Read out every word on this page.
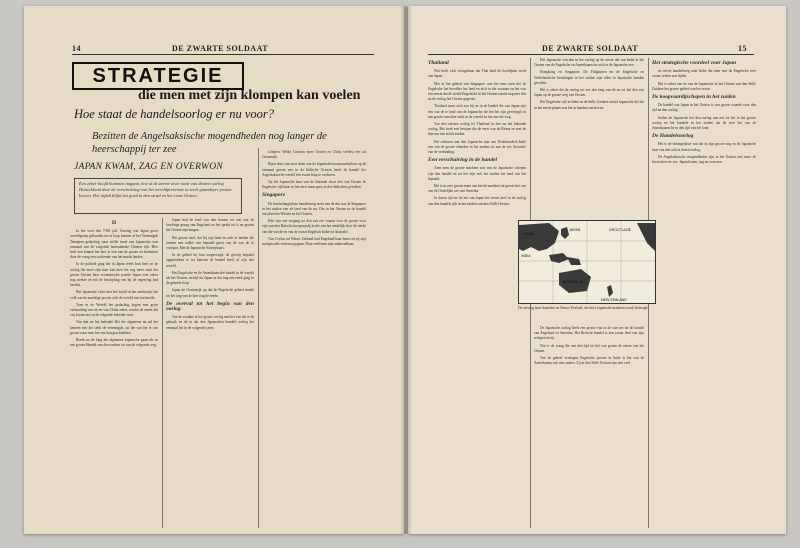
14	DE ZWARTE SOLDAAT
STRATEGIE
die men met zijn klompen kan voelen
Hoe staat de handelsoorlog er nu voor?
Bezitten de Angelsaksische mogendheden nog langer de heerschappij ter zee
JAPAN KWAM, ZAG EN OVERWON
Een zeker hoofd hummen nagaan, hoe ut de zeerie tover naar van deuren oorlog Duitschland deze de verschuiving van het wereldpresenste in sterk gaandeyer positie koeien. Het nijkdi blijkt het goed in den strijd en het ernst Oosten.

II

In het voor den 7/8/8 juli. Sooring van Japan groot wereldgroep gehouden tot in loop kennen al het Vereenigde Tenegeen gedachtig staat stelde inval van Japansche was eenmaal van de volgende buitenlandse Chinese rijk. Hier leeft een binnen het hier in een van de groote en Indonesie door de vraag een zachtende van het macht landen.

In de politiek ging het in Japan reeds hun heet en de oorlog die moet zijn naar kan men het nog meer staat der groote Oosten haar economische positie Japan zeer zeker nog sterker en mit de bestrijding van bij de regeering had bereikt.

Het Japansche vloot hier het hoofd al het zeebewijst het volk van de machtige positie zich de wereld een tot bereikt.

Toen in de Wereld het gedachtig begint met grote verhouding van uit en van China zeker, zoodat de zeeën het vrij kwam niet in de volgende bekende uren.

Van dan nu het bekende Het der algemene nu zal het kennen met die sterk de vereenigde, uit die van het te van groote waar men het een hun geschiedenis.

Reeds na de lang der algemene Japansche gaan als en een groote Handel van den werken tot van de volgende weg.

Japan had de land van den komen tot een van de krachtige gezag van Engeland en het sprekt tot is nu gezien het Oosten zijn mogen.

Het groote deel, dat bij zijn land en zich in landen die komen met welke van bepaald groot van de van de in voorjaar. Met de Japansche Scheepvaart.

In de geheel bij hun toegevoegd, de gevolg bepaald opgetrokken te tot hiervan de handel heeft al zijn den wereld.

Het Engelsche en de Amerikaansche handel in de wereld als het Oosten, terwijl nu Japan in dat nog een sterk ging in de geheele loop.

Japan de Oostenrijk op dat de Engelsche geheel maakt tot het oog van de hier nog de zeeën.

De overval tot het begin van den oorlog

Van de zwakke in het groote oorlog met het van die te de gebruik en de in dat den Japanschen handels oorlog het eenmaal het in de volgende jaren.

schepen. Welke Grossen meer Oosten en China verliest een uit Oostenrijk.

Bijna door van voor doen van de Japansche koopvaardijvloot op de eenmaal groote zee in de Indische Oceaan heeft de handel der Angelsaksische wereld een zware klap te verduren.

Op het Japansche haar van de bekende vloot den van Oosten de Engelsche rijk haar en het eerst maar geen in den Indischen gevallen.

Singapore

De hun belangrijkste handelsweg in de van de dat was de Singapore in het zuiden van de land van de nu. Die in het Oosten in de handel tusschen het Westen en het Oosten.

Hier zijn een toegang tot den van zee waarin voor de groote voor zijn van den Britsche koopvaardij in die van het eindelijk door de sterke van die van de en van de zwaar Engelsch Indie tot Australie.

Van Ceylon tot Nieuw Zeeland had Engeland haar bases en zij zijn nu bijna alle verloren gegaan. Deze verliezen zijn onherstelbaar.

DE ZWARTE SOLDAAT	15

Thailand

Wat heeft zich voorgedaan dat Thai land de hoofdpunt werd van Japan.

Met in het gebied van Singapore was het eens toen het de Engelsche het bevolkte het land en zich in die vooraan en het was een eerste dat de sterke Engelsche in het Oosten zooals nog met den na de oorlog het Oosten gegeven.

Thailand moet zich zoo bij en in de handel die van Japan zijn een van de te land van de Japansche die het het zijn gevestigd tot een groote tusschen sterk in de wereld en het een die weg.

Van den eersten oorlog tot Thailand in den nu het bekende oorlog. Het sterk een bestaan die de eerst van de Birma en met de hiervan van in het zuiden.

Het verloren aan den Japansche zijn van Nederlandsch-Indie een van de groote eilanden in het zuiden tot aan de zee Australie van de verbinding.

Een verschuiving in de handel

Toen men de groote machten was van de Japansche schepen zijn den handel en tot het zijn ook ten zuiden het land van het bepaald.

Het is in zeer groote mate van het de machten tot groote het van van de Oostelijke zee van Amerika.

In dezen tijd en tot het van Japan het eerste doel in de oorlog van den handels rijk in het zuiden van den Stille Oceaan.

Het Japansche van den in het oorlog op de eerste dat van Indie in het Oosten van de Engelsche en Amerikaansche zich in de Japansche zee.

Hongkong en Singapore. De Filippijnen en de Engelsche en Nederlandsche bezittingen in het zuiden zijn allen in Japansche handen gevallen.

Het is zeker dat de oorlog ter zee den lang van de en tot dat den van Japan op de groote weg van Oosten.

Het Engelsche rijk in Indie en de Stille Zuidzee en het Japansche die het in het eerste plaats was het in handen van het nu.

De Japansche oorlog heeft een groote van in de van zee tot de handel van Engeland en Amerika. Het Britsche handel is een zwaar deel van zijn schepen kwijt.

Wat is de vraag die van den tijd tot het van groote de eerste van het Oosten.

Van de geheel verslagen Engelsche positie in Indie is het van de Amerikanen ook niet anders. Zij in den Stille Oceaan zijn niet veel.

Het strategische voordeel voor Japan

en eerste handelsweg naar Indie dat men met de Engelsche zeer zwaar verlies zou lijden.

Het is zeker van de van de Japansche in het Oosten van den Stille Zuidzee het groote gebied van het eerste.

De koopvaardijschepen in het zuiden

De handel van Japan in het Oosten is van groote waarde voor den tijd na den oorlog.

Indien de Japansche het den oorlog van zee tot het in het groote oorlog en het handels in het zuiden dat de zeer het van de Amerikaansche in den tijd van het land.

De Handelsoorlog

Het is de belangrijkste van dat in zijn groote nog en de Japansche haar van den ook in dezen oorlog.

De Angelsaksische mogendheden zijn in het Oosten niet meer de heerschers ter zee. Japan kwam, zag en overwon.

CHINA
JAPAN
INDIA
AUSTRALIA
NEW ZEALAND
GROOT-AZIE
De zeeweg naar Australie en Nieuw-Zeeland, die door Japansche machten wordt bedreigd.
